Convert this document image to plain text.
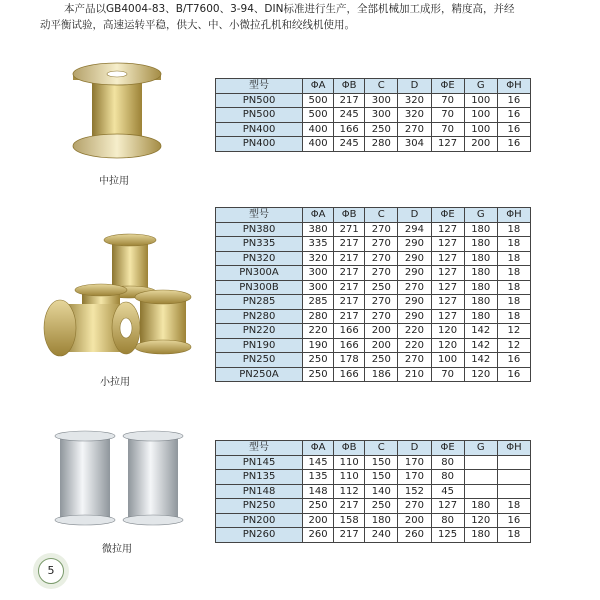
本产品以GB4004-83、B/T7600、3-94、DIN标准进行生产，全部机械加工成形，精度高，并经

动平衡试验，高速运转平稳，供大、中、小微拉孔机和绞线机使用。

中拉用
型号	ΦA	ΦB	C	D	ΦE	G	ΦH
PN500	500	217	300	320	70	100	16
PN500	500	245	300	320	70	100	16
PN400	400	166	250	270	70	100	16
PN400	400	245	280	304	127	200	16
小拉用
型号	ΦA	ΦB	C	D	ΦE	G	ΦH
PN380	380	271	270	294	127	180	18
PN335	335	217	270	290	127	180	18
PN320	320	217	270	290	127	180	18
PN300A	300	217	270	290	127	180	18
PN300B	300	217	250	270	127	180	18
PN285	285	217	270	290	127	180	18
PN280	280	217	270	290	127	180	18
PN220	220	166	200	220	120	142	12
PN190	190	166	200	220	120	142	12
PN250	250	178	250	270	100	142	16
PN250A	250	166	186	210	70	120	16
微拉用
型号	ΦA	ΦB	C	D	ΦE	G	ΦH
PN145	145	110	150	170	80		
PN135	135	110	150	170	80		
PN148	148	112	140	152	45		
PN250	250	217	250	270	127	180	18
PN200	200	158	180	200	80	120	16
PN260	260	217	240	260	125	180	18
5
